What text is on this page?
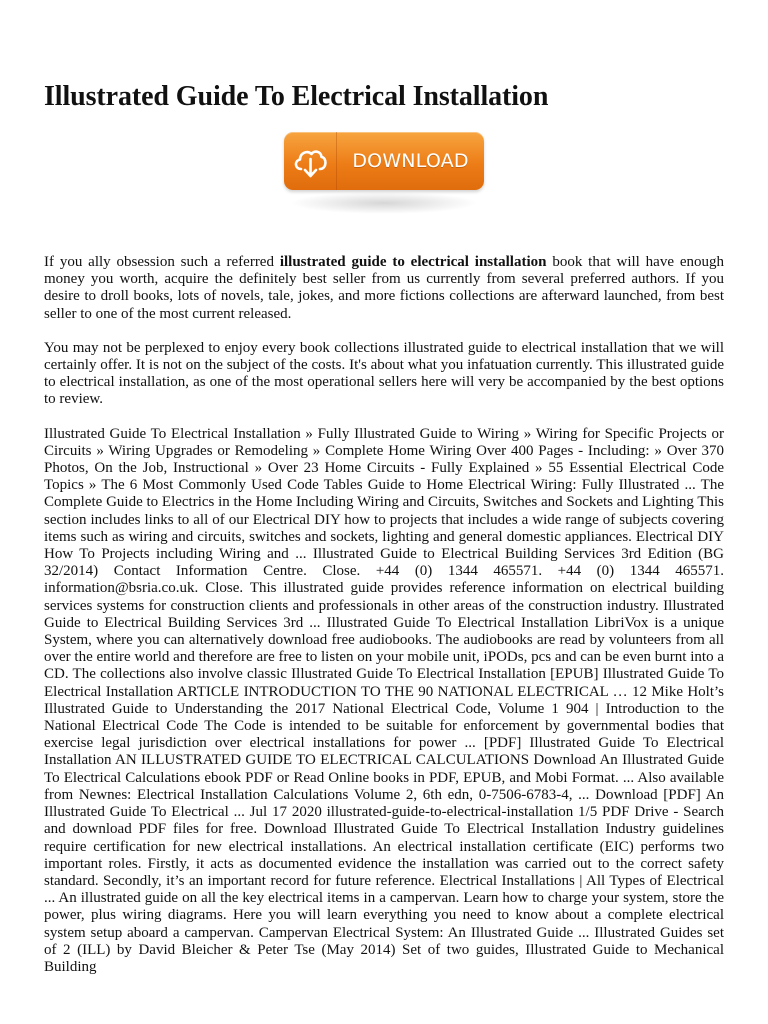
Illustrated Guide To Electrical Installation
DOWNLOAD

If you ally obsession such a referred illustrated guide to electrical installation book that will have enough money you worth, acquire the definitely best seller from us currently from several preferred authors. If you desire to droll books, lots of novels, tale, jokes, and more fictions collections are afterward launched, from best seller to one of the most current released.

You may not be perplexed to enjoy every book collections illustrated guide to electrical installation that we will certainly offer. It is not on the subject of the costs. It's about what you infatuation currently. This illustrated guide to electrical installation, as one of the most operational sellers here will very be accompanied by the best options to review.

Illustrated Guide To Electrical Installation » Fully Illustrated Guide to Wiring » Wiring for Specific Projects or Circuits » Wiring Upgrades or Remodeling » Complete Home Wiring Over 400 Pages - Including: » Over 370 Photos, On the Job, Instructional » Over 23 Home Circuits - Fully Explained » 55 Essential Electrical Code Topics » The 6 Most Commonly Used Code Tables Guide to Home Electrical Wiring: Fully Illustrated ... The Complete Guide to Electrics in the Home Including Wiring and Circuits, Switches and Sockets and Lighting This section includes links to all of our Electrical DIY how to projects that includes a wide range of subjects covering items such as wiring and circuits, switches and sockets, lighting and general domestic appliances. Electrical DIY How To Projects including Wiring and ... Illustrated Guide to Electrical Building Services 3rd Edition (BG 32/2014) Contact Information Centre. Close. +44 (0) 1344 465571. +44 (0) 1344 465571. information@bsria.co.uk. Close. This illustrated guide provides reference information on electrical building services systems for construction clients and professionals in other areas of the construction industry. Illustrated Guide to Electrical Building Services 3rd ... Illustrated Guide To Electrical Installation LibriVox is a unique System, where you can alternatively download free audiobooks. The audiobooks are read by volunteers from all over the entire world and therefore are free to listen on your mobile unit, iPODs, pcs and can be even burnt into a CD. The collections also involve classic Illustrated Guide To Electrical Installation [EPUB] Illustrated Guide To Electrical Installation ARTICLE INTRODUCTION TO THE 90 NATIONAL ELECTRICAL … 12 Mike Holt’s Illustrated Guide to Understanding the 2017 National Electrical Code, Volume 1 904 | Introduction to the National Electrical Code The Code is intended to be suitable for enforcement by governmental bodies that exercise legal jurisdiction over electrical installations for power ... [PDF] Illustrated Guide To Electrical Installation AN ILLUSTRATED GUIDE TO ELECTRICAL CALCULATIONS Download An Illustrated Guide To Electrical Calculations ebook PDF or Read Online books in PDF, EPUB, and Mobi Format. ... Also available from Newnes: Electrical Installation Calculations Volume 2, 6th edn, 0-7506-6783-4, ... Download [PDF] An Illustrated Guide To Electrical ... Jul 17 2020 illustrated-guide-to-electrical-installation 1/5 PDF Drive - Search and download PDF files for free. Download Illustrated Guide To Electrical Installation Industry guidelines require certification for new electrical installations. An electrical installation certificate (EIC) performs two important roles. Firstly, it acts as documented evidence the installation was carried out to the correct safety standard. Secondly, it’s an important record for future reference. Electrical Installations | All Types of Electrical ... An illustrated guide on all the key electrical items in a campervan. Learn how to charge your system, store the power, plus wiring diagrams. Here you will learn everything you need to know about a complete electrical system setup aboard a campervan. Campervan Electrical System: An Illustrated Guide ... Illustrated Guides set of 2 (ILL) by David Bleicher & Peter Tse (May 2014) Set of two guides, Illustrated Guide to Mechanical Building
